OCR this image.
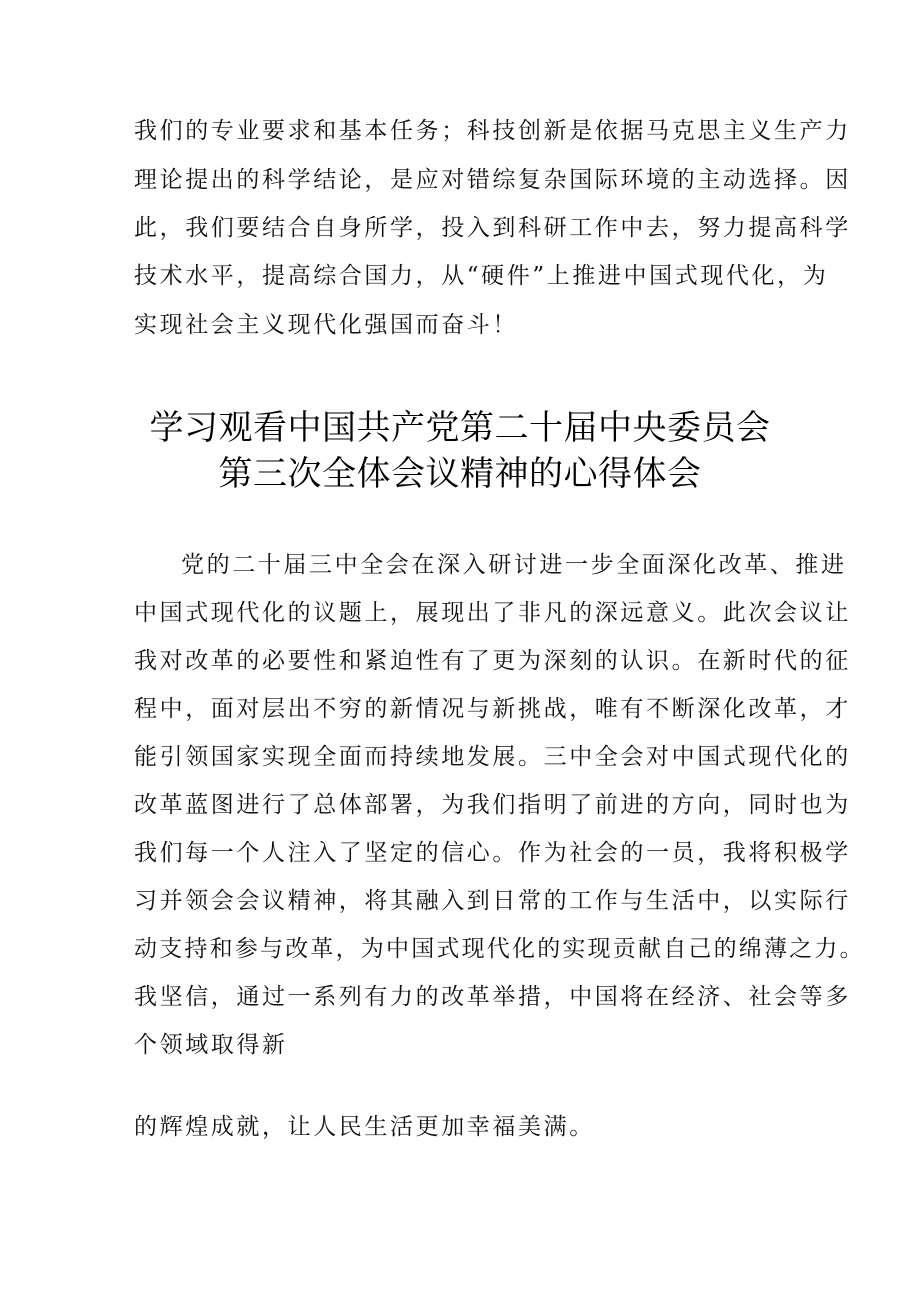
我们的专业要求和基本任务；科技创新是依据马克思主义生产力
理论提出的科学结论，是应对错综复杂国际环境的主动选择。因
此，我们要结合自身所学，投入到科研工作中去，努力提高科学
技术水平，提高综合国力，从“硬件”上推进中国式现代化，为
实现社会主义现代化强国而奋斗！
学习观看中国共产党第二十届中央委员会
第三次全体会议精神的心得体会
党的二十届三中全会在深入研讨进一步全面深化改革、推进
中国式现代化的议题上，展现出了非凡的深远意义。此次会议让
我对改革的必要性和紧迫性有了更为深刻的认识。在新时代的征
程中，面对层出不穷的新情况与新挑战，唯有不断深化改革，才
能引领国家实现全面而持续地发展。三中全会对中国式现代化的
改革蓝图进行了总体部署，为我们指明了前进的方向，同时也为
我们每一个人注入了坚定的信心。作为社会的一员，我将积极学
习并领会会议精神，将其融入到日常的工作与生活中，以实际行
动支持和参与改革，为中国式现代化的实现贡献自己的绵薄之力。
我坚信，通过一系列有力的改革举措，中国将在经济、社会等多
个领域取得新
的辉煌成就，让人民生活更加幸福美满。
